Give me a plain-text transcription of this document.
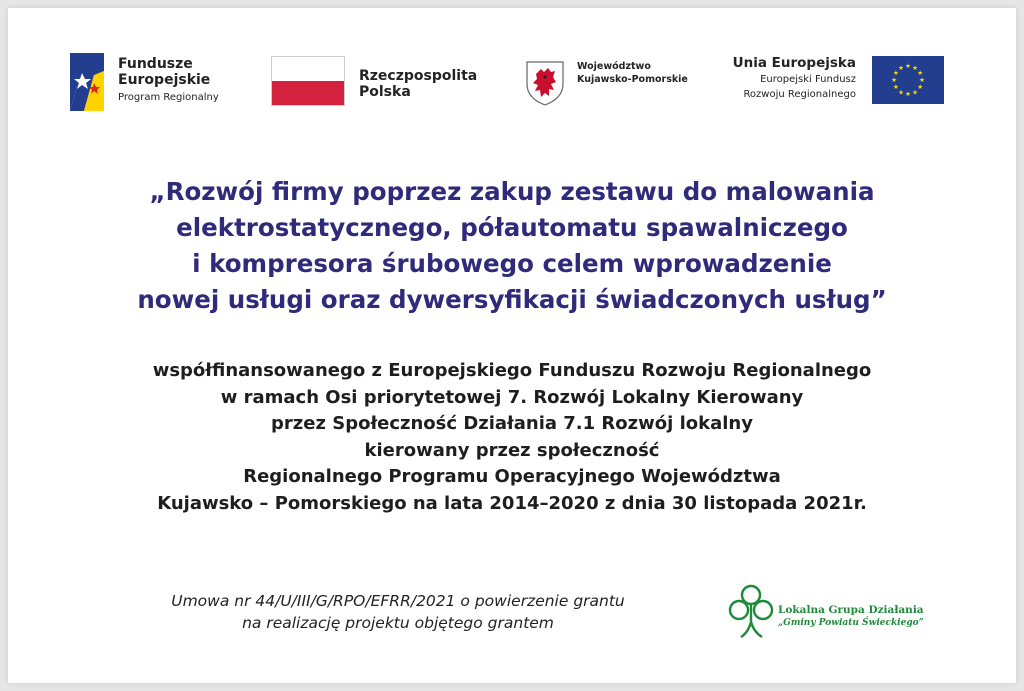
Fundusze
Europejskie
Program Regionalny
Rzeczpospolita
Polska
Województwo
Kujawsko-Pomorskie
Unia Europejska
Europejski Fundusz
Rozwoju Regionalnego
★ ★
★
★
★
★
★
★
★
★
★
★
„Rozwój firmy poprzez zakup zestawu do malowania
elektrostatycznego, półautomatu spawalniczego
i kompresora śrubowego celem wprowadzenie
nowej usługi oraz dywersyfikacji świadczonych usług”
współfinansowanego z Europejskiego Funduszu Rozwoju Regionalnego
w ramach Osi priorytetowej 7. Rozwój Lokalny Kierowany
przez Społeczność Działania 7.1 Rozwój lokalny
kierowany przez społeczność
Regionalnego Programu Operacyjnego Województwa
Kujawsko – Pomorskiego na lata 2014–2020 z dnia 30 listopada 2021r.
Umowa nr 44/U/III/G/RPO/EFRR/2021 o powierzenie grantu
na realizację projektu objętego grantem
Lokalna Grupa Działania
„Gminy Powiatu Świeckiego”
